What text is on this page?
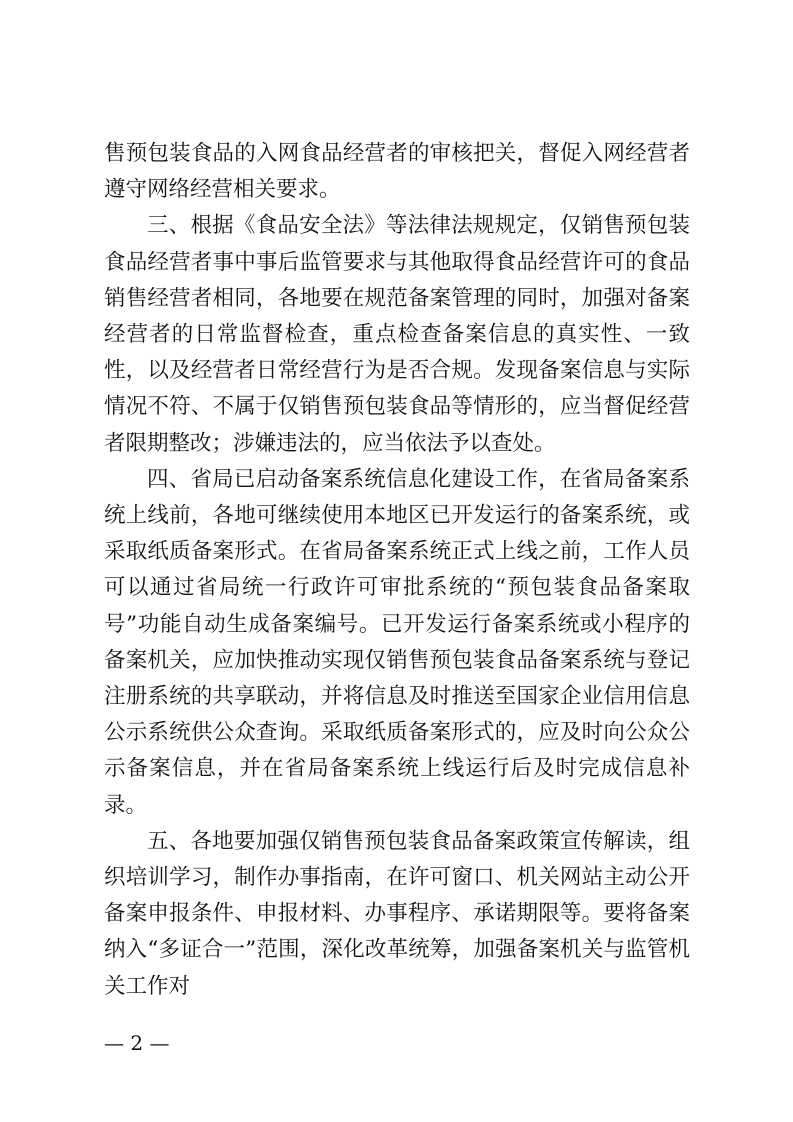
售预包装食品的入网食品经营者的审核把关，督促入网经营者遵守网络经营相关要求。

三、根据《食品安全法》等法律法规规定，仅销售预包装食品经营者事中事后监管要求与其他取得食品经营许可的食品销售经营者相同，各地要在规范备案管理的同时，加强对备案经营者的日常监督检查，重点检查备案信息的真实性、一致性，以及经营者日常经营行为是否合规。发现备案信息与实际情况不符、不属于仅销售预包装食品等情形的，应当督促经营者限期整改；涉嫌违法的，应当依法予以查处。

四、省局已启动备案系统信息化建设工作，在省局备案系统上线前，各地可继续使用本地区已开发运行的备案系统，或采取纸质备案形式。在省局备案系统正式上线之前，工作人员可以通过省局统一行政许可审批系统的“预包装食品备案取号”功能自动生成备案编号。已开发运行备案系统或小程序的备案机关，应加快推动实现仅销售预包装食品备案系统与登记注册系统的共享联动，并将信息及时推送至国家企业信用信息公示系统供公众查询。采取纸质备案形式的，应及时向公众公示备案信息，并在省局备案系统上线运行后及时完成信息补录。

五、各地要加强仅销售预包装食品备案政策宣传解读，组织培训学习，制作办事指南，在许可窗口、机关网站主动公开备案申报条件、申报材料、办事程序、承诺期限等。要将备案纳入“多证合一”范围，深化改革统筹，加强备案机关与监管机关工作对

— 2 —
